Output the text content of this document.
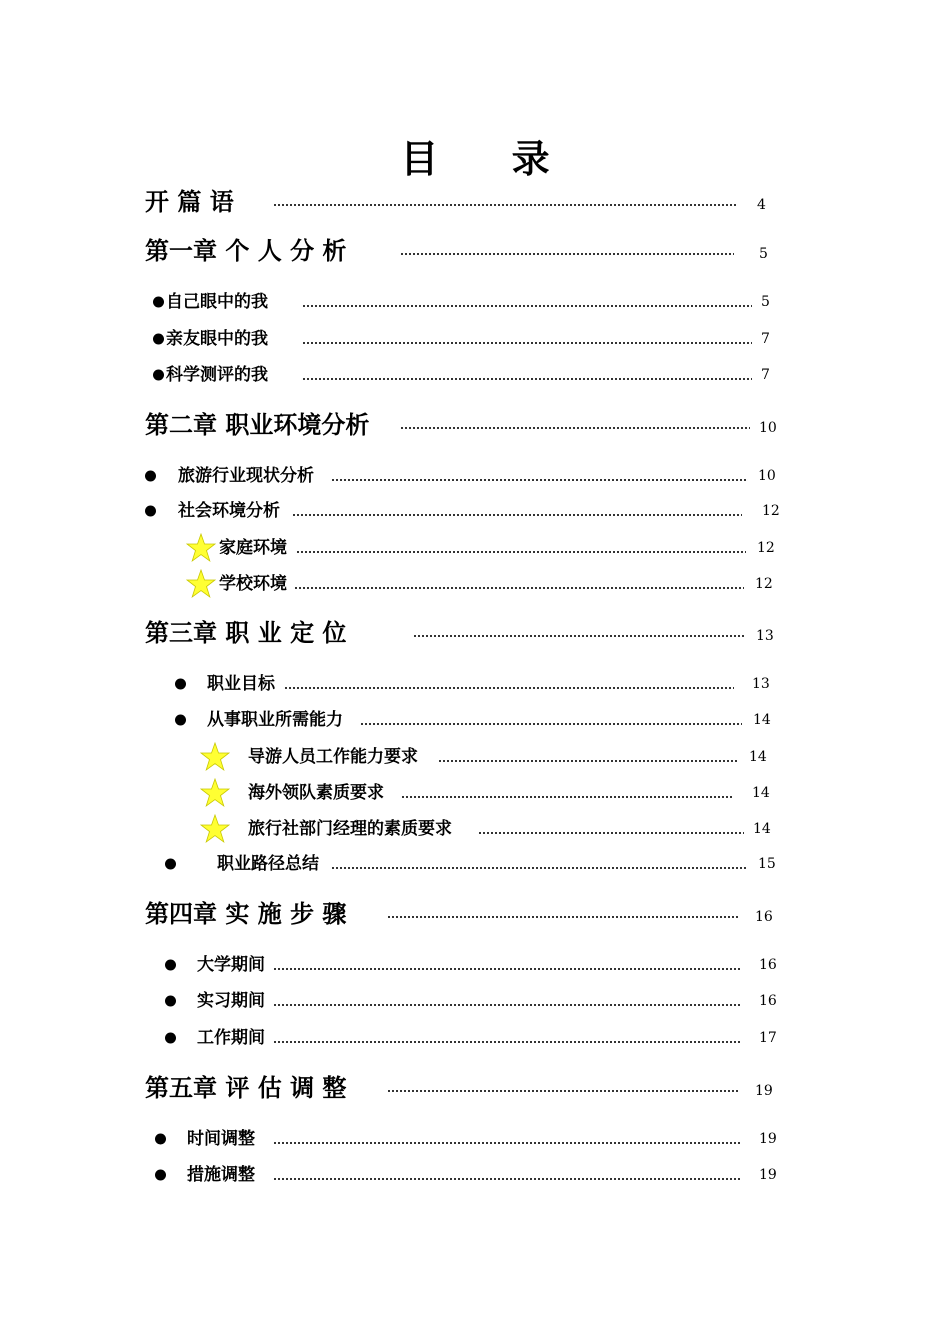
目 录
开 篇 语	4
第一章 个 人 分 析	5
自己眼中的我	5
亲友眼中的我	7
科学测评的我	7
第二章 职业环境分析	10
旅游行业现状分析	10
社会环境分析	12
家庭环境	12
学校环境	12
第三章 职 业 定 位	13
职业目标	13
从事职业所需能力	14
导游人员工作能力要求	14
海外领队素质要求	14
旅行社部门经理的素质要求	14
职业路径总结	15
第四章 实 施 步 骤	16
大学期间	16
实习期间	16
工作期间	17
第五章 评 估 调 整	19
时间调整	19
措施调整	19
